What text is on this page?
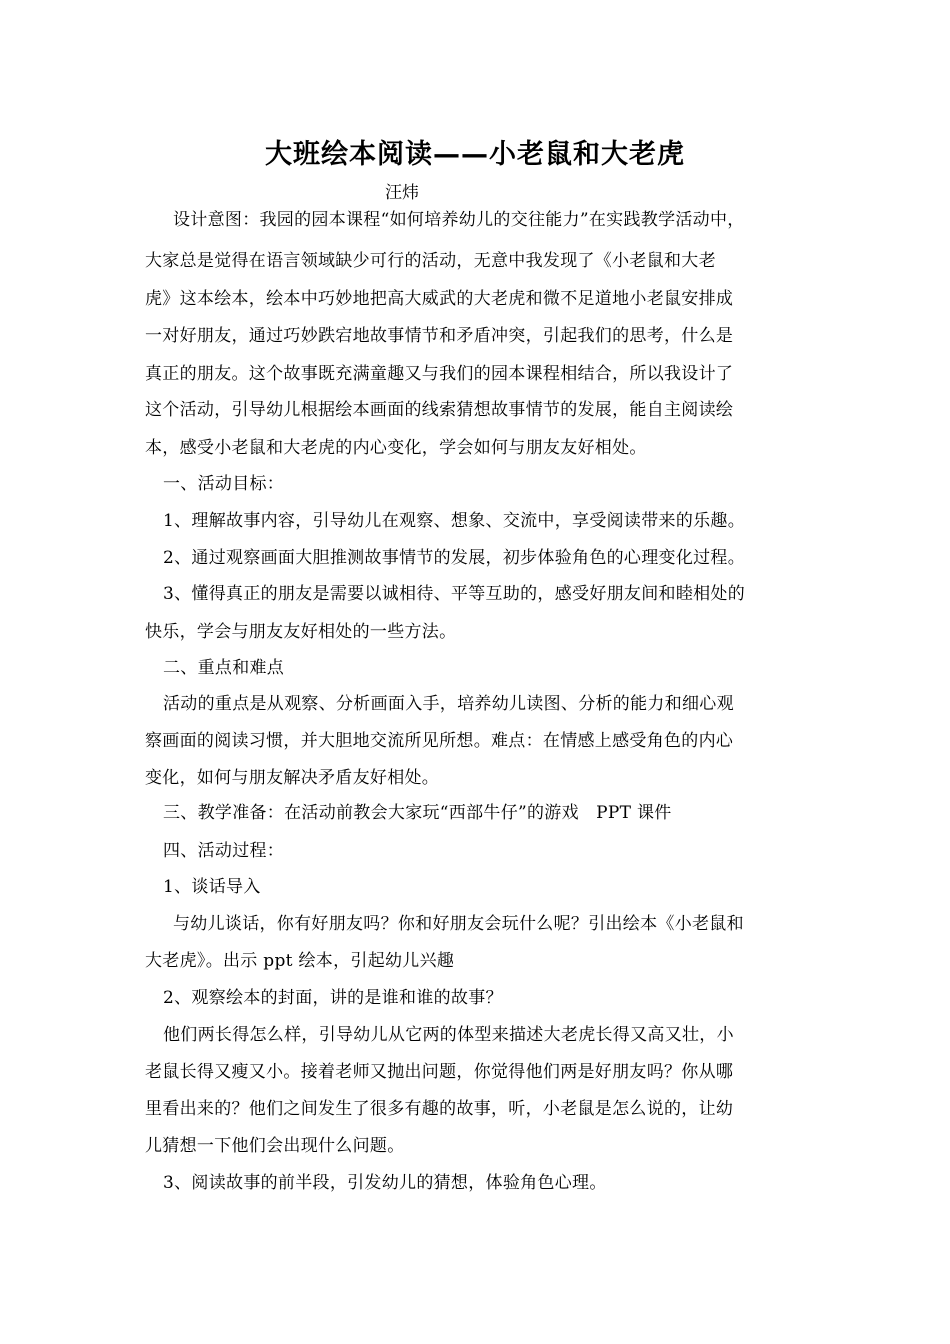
大班绘本阅读——小老鼠和大老虎
汪炜
设计意图：我园的园本课程“如何培养幼儿的交往能力”在实践教学活动中，
大家总是觉得在语言领域缺少可行的活动，无意中我发现了《小老鼠和大老
虎》这本绘本，绘本中巧妙地把高大威武的大老虎和微不足道地小老鼠安排成
一对好朋友，通过巧妙跌宕地故事情节和矛盾冲突，引起我们的思考，什么是
真正的朋友。这个故事既充满童趣又与我们的园本课程相结合，所以我设计了
这个活动，引导幼儿根据绘本画面的线索猜想故事情节的发展，能自主阅读绘
本，感受小老鼠和大老虎的内心变化，学会如何与朋友友好相处。
一、活动目标：
1、理解故事内容，引导幼儿在观察、想象、交流中，享受阅读带来的乐趣。
2、通过观察画面大胆推测故事情节的发展，初步体验角色的心理变化过程。
3、懂得真正的朋友是需要以诚相待、平等互助的，感受好朋友间和睦相处的
快乐，学会与朋友友好相处的一些方法。
二、重点和难点
活动的重点是从观察、分析画面入手，培养幼儿读图、分析的能力和细心观
察画面的阅读习惯，并大胆地交流所见所想。难点：在情感上感受角色的内心
变化，如何与朋友解决矛盾友好相处。
三、教学准备：在活动前教会大家玩“西部牛仔”的游戏　PPT 课件
四、活动过程：
1、谈话导入
与幼儿谈话，你有好朋友吗？你和好朋友会玩什么呢？引出绘本《小老鼠和
大老虎》。出示 ppt 绘本，引起幼儿兴趣
2、观察绘本的封面，讲的是谁和谁的故事？
他们两长得怎么样，引导幼儿从它两的体型来描述大老虎长得又高又壮，小
老鼠长得又瘦又小。接着老师又抛出问题，你觉得他们两是好朋友吗？你从哪
里看出来的？他们之间发生了很多有趣的故事，听，小老鼠是怎么说的，让幼
儿猜想一下他们会出现什么问题。
3、阅读故事的前半段，引发幼儿的猜想，体验角色心理。
